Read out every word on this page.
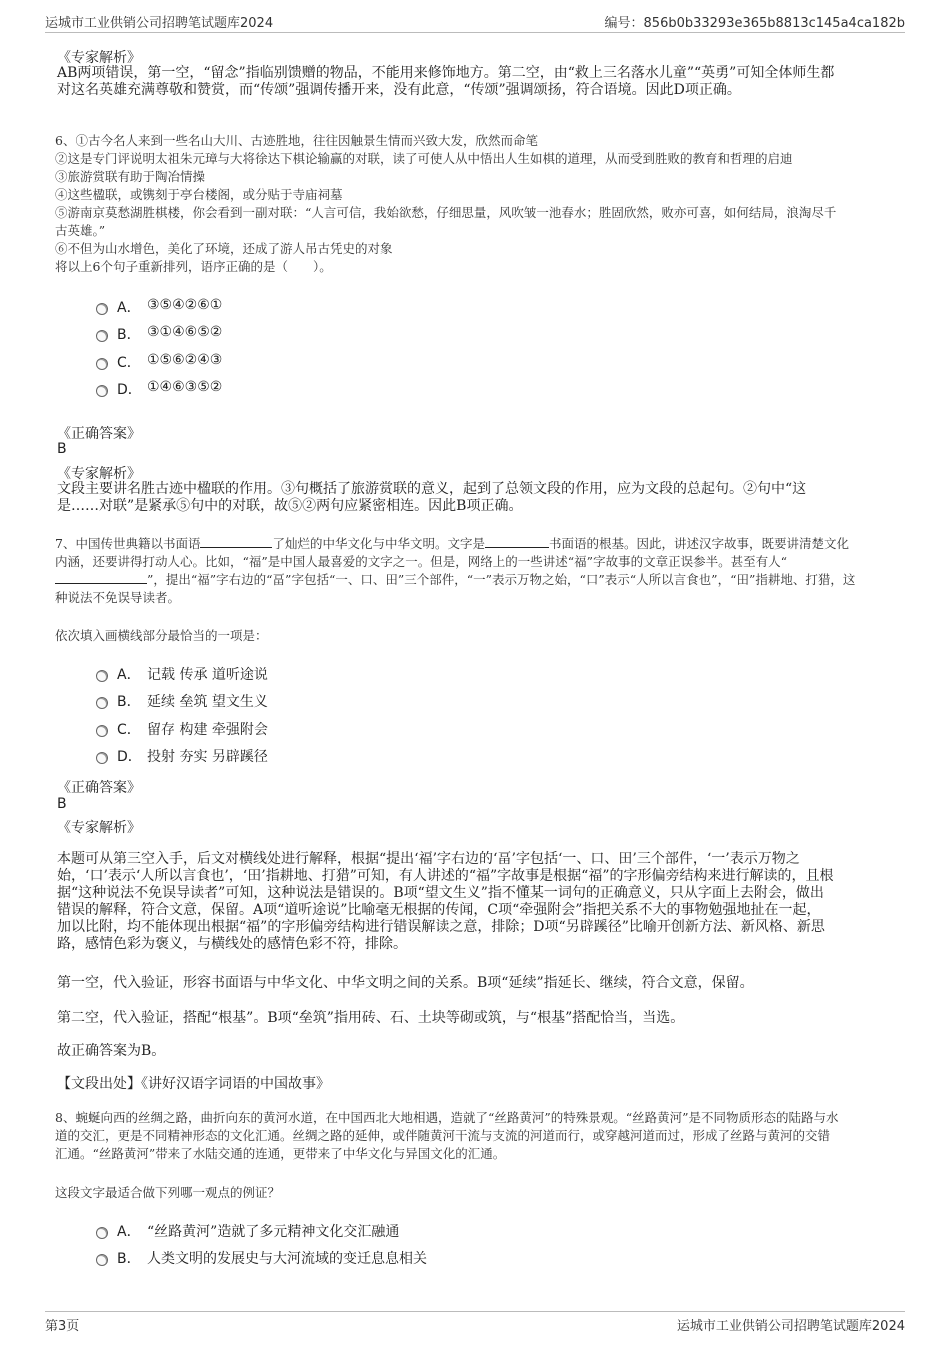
运城市工业供销公司招聘笔试题库2024	编号：856b0b33293e365b8813c145a4ca182b
《专家解析》
AB两项错误，第一空，“留念”指临别馈赠的物品，不能用来修饰地方。第二空，由“救上三名落水儿童”“英勇”可知全体师生都
对这名英雄充满尊敬和赞赏，而“传颂”强调传播开来，没有此意，“传颂”强调颂扬，符合语境。因此D项正确。
6、①古今名人来到一些名山大川、古迹胜地，往往因触景生情而兴致大发，欣然而命笔
②这是专门评说明太祖朱元璋与大将徐达下棋论输赢的对联，读了可使人从中悟出人生如棋的道理，从而受到胜败的教育和哲理的启迪
③旅游赏联有助于陶冶情操
④这些楹联，或镌刻于亭台楼阁，或分贴于寺庙祠墓
⑤游南京莫愁湖胜棋楼，你会看到一副对联：“人言可信，我始欲愁，仔细思量，风吹皱一池春水；胜固欣然，败亦可喜，如何结局，浪淘尽千
古英雄。”
⑥不但为山水增色，美化了环境，还成了游人吊古凭史的对象
将以上6个句子重新排列，语序正确的是（　　）。
A． ③⑤④②⑥①
B． ③①④⑥⑤②
C． ①⑤⑥②④③
D． ①④⑥③⑤②
《正确答案》
B
《专家解析》
文段主要讲名胜古迹中楹联的作用。③句概括了旅游赏联的意义，起到了总领文段的作用，应为文段的总起句。②句中“这
是……对联”是紧承⑤句中的对联，故⑤②两句应紧密相连。因此B项正确。
7、中国传世典籍以书面语	了灿烂的中华文化与中华文明。文字是	书面语的根基。因此，讲述汉字故事，既要讲清楚文化
内涵，还要讲得打动人心。比如，“福”是中国人最喜爱的文字之一。但是，网络上的一些讲述“福”字故事的文章正误参半。甚至有人“
”，提出“福”字右边的“畐”字包括“一、口、田”三个部件，“一”表示万物之始，“口”表示“人所以言食也”，“田”指耕地、打猎，这
种说法不免误导读者。
依次填入画横线部分最恰当的一项是：
A． 记载 传承 道听途说
B． 延续 垒筑 望文生义
C． 留存 构建 牵强附会
D． 投射 夯实 另辟蹊径
《正确答案》
B
《专家解析》
本题可从第三空入手，后文对横线处进行解释，根据“提出‘福’字右边的‘畐’字包括‘一、口、田’三个部件，‘一’表示万物之
始，‘口’表示‘人所以言食也’，‘田’指耕地、打猎”可知，有人讲述的“福”字故事是根据“福”的字形偏旁结构来进行解读的，且根
据“这种说法不免误导读者”可知，这种说法是错误的。B项“望文生义”指不懂某一词句的正确意义，只从字面上去附会，做出
错误的解释，符合文意，保留。A项“道听途说”比喻毫无根据的传闻，C项“牵强附会”指把关系不大的事物勉强地扯在一起，
加以比附，均不能体现出根据“福”的字形偏旁结构进行错误解读之意，排除；D项“另辟蹊径”比喻开创新方法、新风格、新思
路，感情色彩为褒义，与横线处的感情色彩不符，排除。
第一空，代入验证，形容书面语与中华文化、中华文明之间的关系。B项“延续”指延长、继续，符合文意，保留。
第二空，代入验证，搭配“根基”。B项“垒筑”指用砖、石、土块等砌或筑，与“根基”搭配恰当，当选。
故正确答案为B。
【文段出处】《讲好汉语字词语的中国故事》
8、蜿蜒向西的丝绸之路，曲折向东的黄河水道，在中国西北大地相遇，造就了“丝路黄河”的特殊景观。“丝路黄河”是不同物质形态的陆路与水
道的交汇，更是不同精神形态的文化汇通。丝绸之路的延伸，或伴随黄河干流与支流的河道而行，或穿越河道而过，形成了丝路与黄河的交错
汇通。“丝路黄河”带来了水陆交通的连通，更带来了中华文化与异国文化的汇通。
这段文字最适合做下列哪一观点的例证？
A． “丝路黄河”造就了多元精神文化交汇融通
B． 人类文明的发展史与大河流域的变迁息息相关
第3页	运城市工业供销公司招聘笔试题库2024
